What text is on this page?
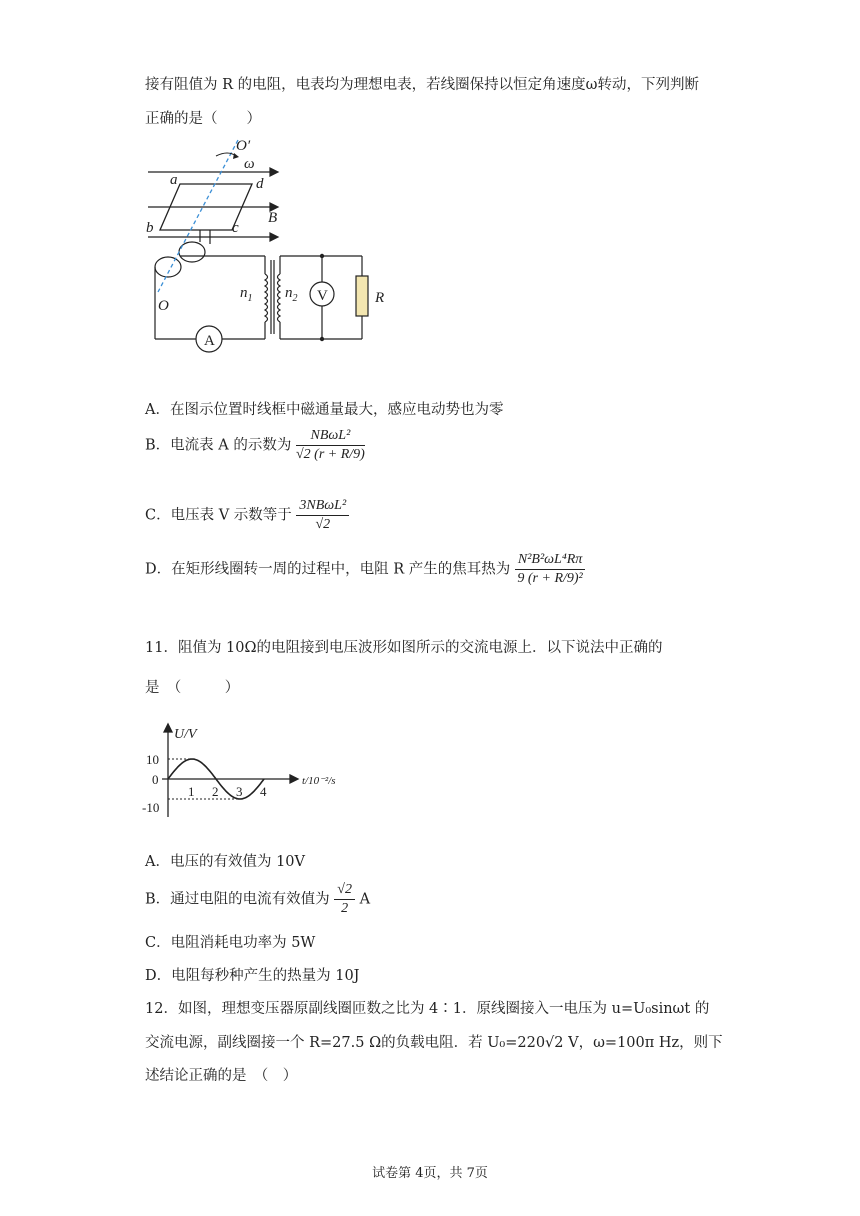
接有阻值为 R 的电阻，电表均为理想电表，若线圈保持以恒定角速度ω转动，下列判断
正确的是（　　）
O′
ω
a	d
B
b	c
O
$n_1$ $n_2$	R
V
A
A．在图示位置时线框中磁通量最大，感应电动势也为零
B．电流表 A 的示数为 $\frac{\text{NBωL²}}{√2 (r + R/9)}$
C．电压表 V 示数等于 $\frac{\text{3NBωL²}}{√2}$
D．在矩形线圈转一周的过程中，电阻 R 产生的焦耳热为 $\frac{\text{N²B²ωL⁴Rπ}}{\text{9 (r + R/9)²}}$
11．阻值为 10Ω的电阻接到电压波形如图所示的交流电源上．以下说法中正确的
是　（　　　）
U/V
t/10⁻²/s
10
0
-10
1 2 3 4
A．电压的有效值为 10V
B．通过电阻的电流有效值为 $\frac{√2}{2}$ A
C．电阻消耗电功率为 5W
D．电阻每秒种产生的热量为 10J
12．如图，理想变压器原副线圈匝数之比为 4∶1．原线圈接入一电压为 u=U₀sinωt 的
交流电源，副线圈接一个 R=27.5 Ω的负载电阻．若 U₀=220√2 V，ω=100π Hz，则下
述结论正确的是　（　）
试卷第 4页，共 7页
